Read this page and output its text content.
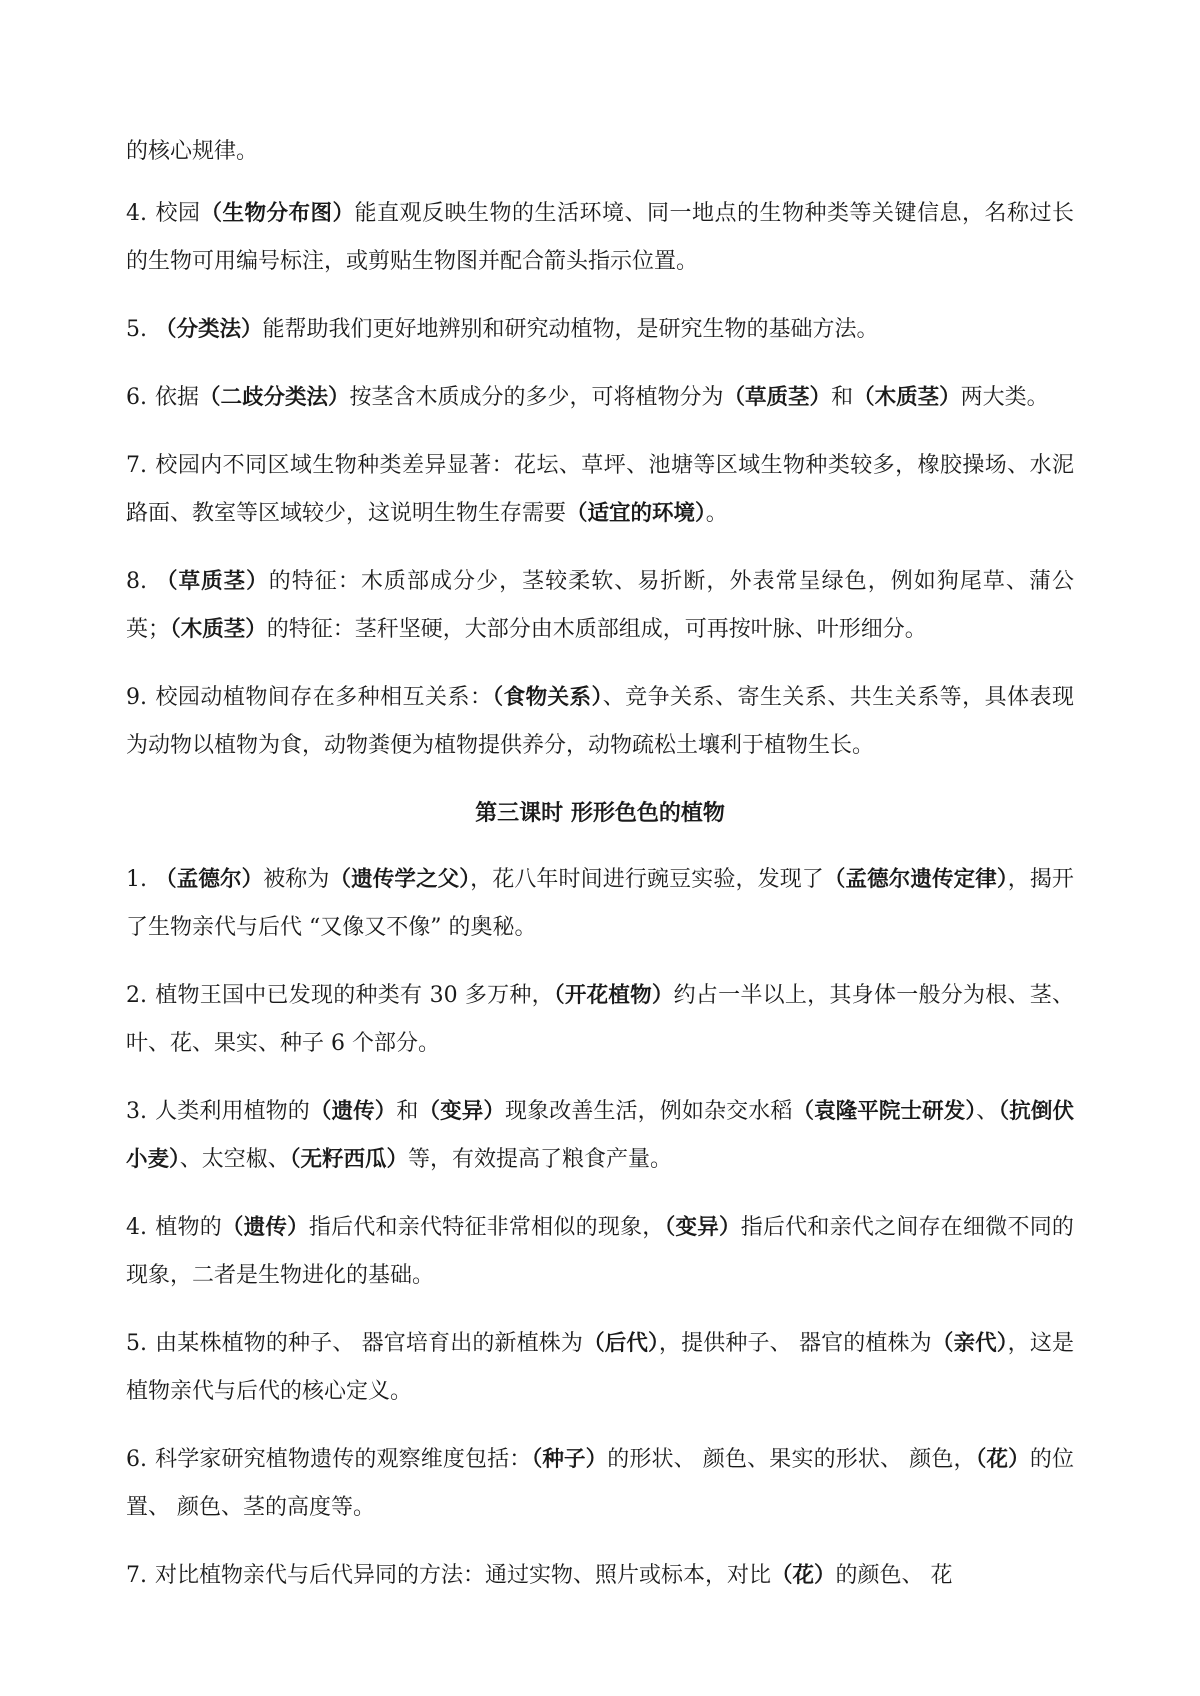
的核心规律。

4. 校园（生物分布图）能直观反映生物的生活环境、同一地点的生物种类等关键信息，名称过长的生物可用编号标注，或剪贴生物图并配合箭头指示位置。

5. （分类法）能帮助我们更好地辨别和研究动植物，是研究生物的基础方法。

6. 依据（二歧分类法）按茎含木质成分的多少，可将植物分为（草质茎）和（木质茎）两大类。

7. 校园内不同区域生物种类差异显著：花坛、草坪、池塘等区域生物种类较多，橡胶操场、水泥路面、教室等区域较少，这说明生物生存需要（适宜的环境）。

8. （草质茎）的特征：木质部成分少，茎较柔软、易折断，外表常呈绿色，例如狗尾草、蒲公英；（木质茎）的特征：茎秆坚硬，大部分由木质部组成，可再按叶脉、叶形细分。

9. 校园动植物间存在多种相互关系：（食物关系）、竞争关系、寄生关系、共生关系等，具体表现为动物以植物为食，动物粪便为植物提供养分，动物疏松土壤利于植物生长。

第三课时 形形色色的植物

1. （孟德尔）被称为（遗传学之父），花八年时间进行豌豆实验，发现了（孟德尔遗传定律），揭开了生物亲代与后代 “又像又不像” 的奥秘。

2. 植物王国中已发现的种类有 30 多万种，（开花植物）约占一半以上，其身体一般分为根、茎、叶、花、果实、种子 6 个部分。

3. 人类利用植物的（遗传）和（变异）现象改善生活，例如杂交水稻（袁隆平院士研发）、（抗倒伏小麦）、太空椒、（无籽西瓜）等，有效提高了粮食产量。

4. 植物的（遗传）指后代和亲代特征非常相似的现象，（变异）指后代和亲代之间存在细微不同的现象，二者是生物进化的基础。

5. 由某株植物的种子、 器官培育出的新植株为（后代），提供种子、 器官的植株为（亲代），这是植物亲代与后代的核心定义。

6. 科学家研究植物遗传的观察维度包括：（种子）的形状、 颜色、果实的形状、 颜色，（花）的位置、 颜色、茎的高度等。

7. 对比植物亲代与后代异同的方法：通过实物、照片或标本，对比（花）的颜色、 花
